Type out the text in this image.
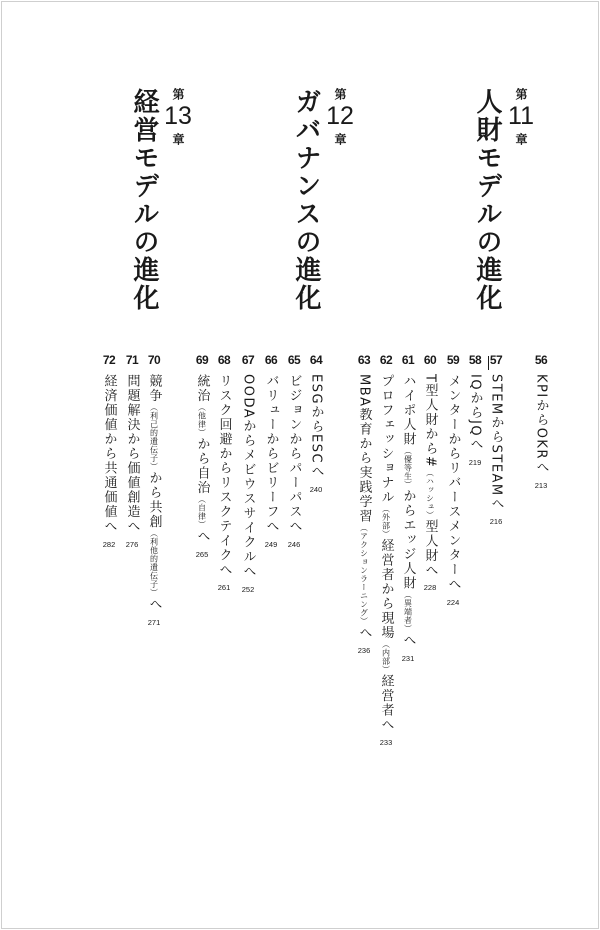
第
11
章
人財モデルの進化
第
12
章
ガバナンスの進化
第
13
章
経営モデルの進化
56
KPIからOKRへ
213
57
STEMからSTEAMへ
216
58
IQからJQへ
219
59
メンターからリバースメンターへ
224
60
T型人財から#（ハッシュ）型人財へ
228
61
ハイポ人財（優等生）からエッジ人財（異端者）へ
231
62
プロフェッショナル（外部）経営者から現場（内部）経営者へ
233
63
MBA教育から実践学習（アクションラーニング）へ
236
64
ESGからESCへ
240
65
ビジョンからパーパスへ
246
66
バリューからビリーフへ
249
67
OODAからメビウスサイクルへ
252
68
リスク回避からリスクテイクへ
261
69
統治（他律）から自治（自律）へ
265
70
競争（利己的遺伝子）から共創（利他的遺伝子）へ
271
71
問題解決から価値創造へ
276
72
経済価値から共通価値へ
282
